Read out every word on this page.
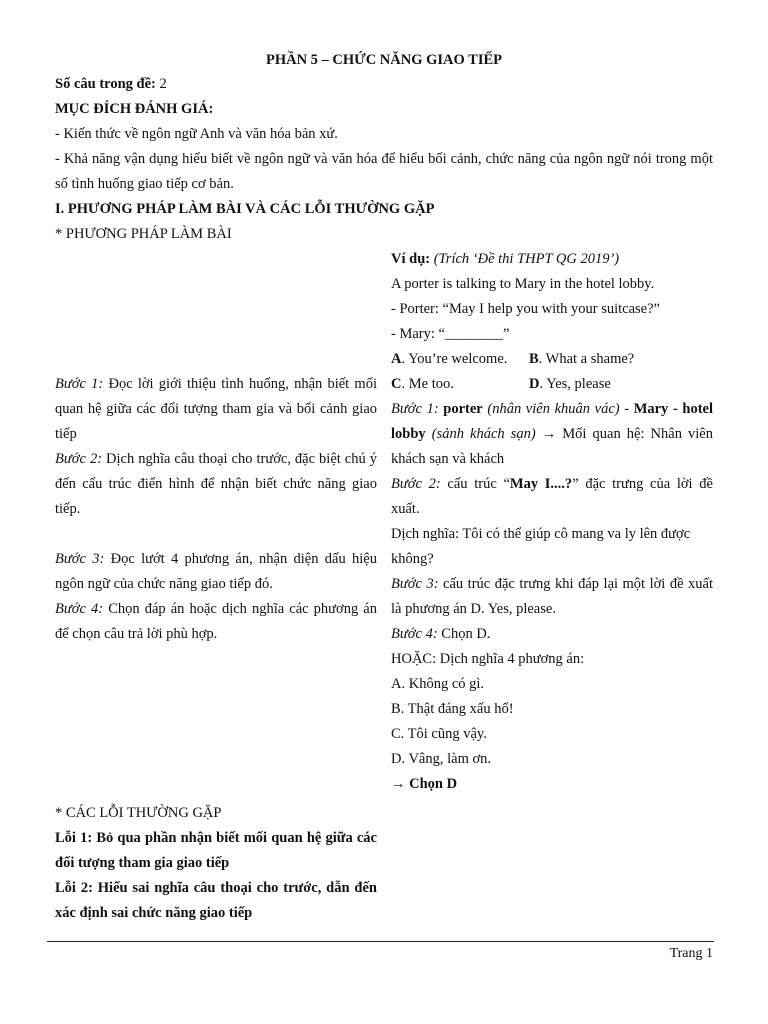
PHẦN 5 – CHỨC NĂNG GIAO TIẾP
Số câu trong đề: 2
MỤC ĐÍCH ĐÁNH GIÁ:
- Kiến thức về ngôn ngữ Anh và văn hóa bản xứ.
- Khả năng vận dụng hiểu biết về ngôn ngữ và văn hóa để hiểu bối cảnh, chức năng của ngôn ngữ nói trong một số tình huống giao tiếp cơ bản.
I. PHƯƠNG PHÁP LÀM BÀI VÀ CÁC LỖI THƯỜNG GẶP
* PHƯƠNG PHÁP LÀM BÀI
Bước 1: Đọc lời giới thiệu tình huống, nhận biết mối quan hệ giữa các đối tượng tham gia và bối cảnh giao tiếp
Bước 2: Dịch nghĩa câu thoại cho trước, đặc biệt chú ý đến cấu trúc điển hình để nhận biết chức năng giao tiếp.
Bước 3: Đọc lướt 4 phương án, nhận diện dấu hiệu ngôn ngữ của chức năng giao tiếp đó.
Bước 4: Chọn đáp án hoặc dịch nghĩa các phương án để chọn câu trả lời phù hợp.
Ví dụ: (Trích ‘Đề thi THPT QG 2019’)
A porter is talking to Mary in the hotel lobby.
- Porter: “May I help you with your suitcase?”
- Mary: “________”
A. You’re welcome.	B. What a shame?
C. Me too.	D. Yes, please
Bước 1: porter (nhân viên khuân vác) - Mary - hotel lobby (sảnh khách sạn) → Mối quan hệ: Nhân viên khách sạn và khách
Bước 2: cấu trúc “May I....?” đặc trưng của lời đề xuất.
Dịch nghĩa: Tôi có thể giúp cô mang va ly lên được không?
Bước 3: cấu trúc đặc trưng khi đáp lại một lời đề xuất là phương án D. Yes, please.
Bước 4: Chọn D.
HOẶC: Dịch nghĩa 4 phương án:
A. Không có gì.
B. Thật đáng xấu hổ!
C. Tôi cũng vậy.
D. Vâng, làm ơn.
→ Chọn D
* CÁC LỖI THƯỜNG GẶP
Lỗi 1: Bỏ qua phần nhận biết mối quan hệ giữa các đối tượng tham gia giao tiếp
Lỗi 2: Hiểu sai nghĩa câu thoại cho trước, dẫn đến xác định sai chức năng giao tiếp
Trang 1
